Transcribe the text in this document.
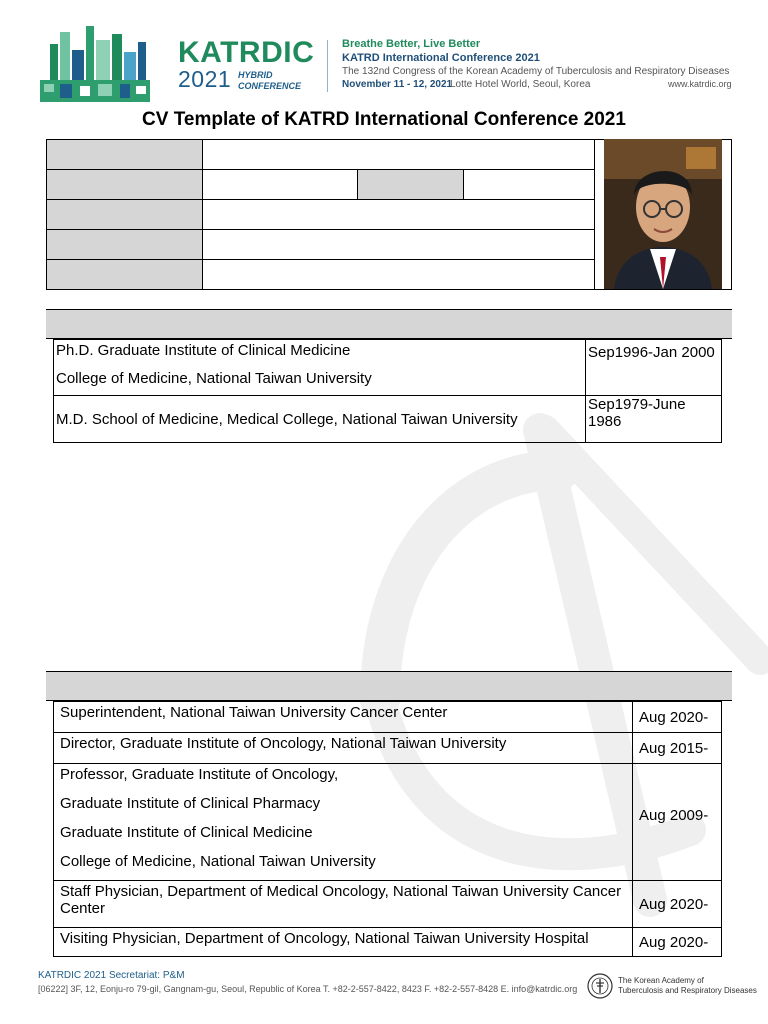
KATRDIC
2021 HYBRID
CONFERENCE
Breathe Better, Live Better
KATRD International Conference 2021
The 132nd Congress of the Korean Academy of Tuberculosis and Respiratory Diseases
November 11 - 12, 2021
Lotte Hotel World, Seoul, Korea	www.katrdic.org
CV Template of KATRD International Conference 2021
Ph.D. Graduate Institute of Clinical Medicine
College of Medicine, National Taiwan University	Sep1996-Jan 2000

M.D. School of Medicine, Medical College, National Taiwan University	Sep1979-June 1986
Superintendent, National Taiwan University Cancer Center	Aug 2020-

Director, Graduate Institute of Oncology, National Taiwan University	Aug 2015-

Professor, Graduate Institute of Oncology,
Graduate Institute of Clinical Pharmacy
Graduate Institute of Clinical Medicine
College of Medicine, National Taiwan University	Aug 2009-

Staff Physician, Department of Medical Oncology, National Taiwan University Cancer Center	Aug 2020-

Visiting Physician, Department of Oncology, National Taiwan University Hospital	Aug 2020-
KATRDIC 2021 Secretariat: P&M
[06222] 3F, 12, Eonju-ro 79-gil, Gangnam-gu, Seoul, Republic of Korea T. +82-2-557-8422, 8423 F. +82-2-557-8428 E. info@katrdic.org
The Korean Academy of
Tuberculosis and Respiratory Diseases
